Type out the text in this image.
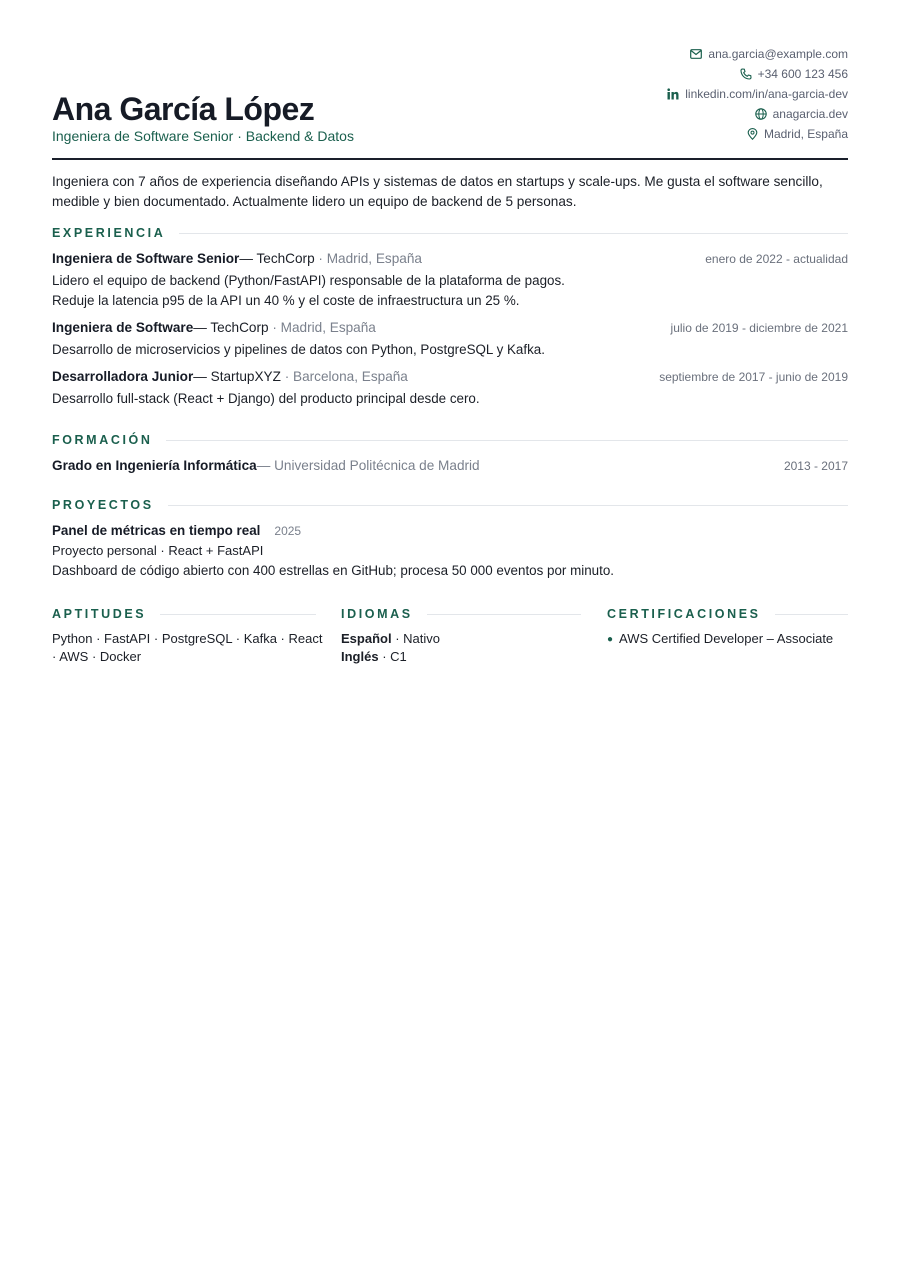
Ana García López
Ingeniera de Software Senior · Backend & Datos
ana.garcia@example.com
+34 600 123 456
linkedin.com/in/ana-garcia-dev
anagarcia.dev
Madrid, España

Ingeniera con 7 años de experiencia diseñando APIs y sistemas de datos en startups y scale-ups. Me gusta el software sencillo, medible y bien documentado. Actualmente lidero un equipo de backend de 5 personas.

EXPERIENCIA
Ingeniera de Software Senior— TechCorp · Madrid, España	enero de 2022 - actualidad
Lidero el equipo de backend (Python/FastAPI) responsable de la plataforma de pagos.
Reduje la latencia p95 de la API un 40 % y el coste de infraestructura un 25 %.
Ingeniera de Software— TechCorp · Madrid, España	julio de 2019 - diciembre de 2021
Desarrollo de microservicios y pipelines de datos con Python, PostgreSQL y Kafka.
Desarrolladora Junior— StartupXYZ · Barcelona, España	septiembre de 2017 - junio de 2019
Desarrollo full-stack (React + Django) del producto principal desde cero.
FORMACIÓN
Grado en Ingeniería Informática— Universidad Politécnica de Madrid	2013 - 2017
PROYECTOS
Panel de métricas en tiempo real 2025
Proyecto personal · React + FastAPI
Dashboard de código abierto con 400 estrellas en GitHub; procesa 50 000 eventos por minuto.
APTITUDES
Python · FastAPI · PostgreSQL · Kafka · React
· AWS · Docker
IDIOMAS
Español · Nativo
Inglés · C1
CERTIFICACIONES
● AWS Certified Developer – Associate
